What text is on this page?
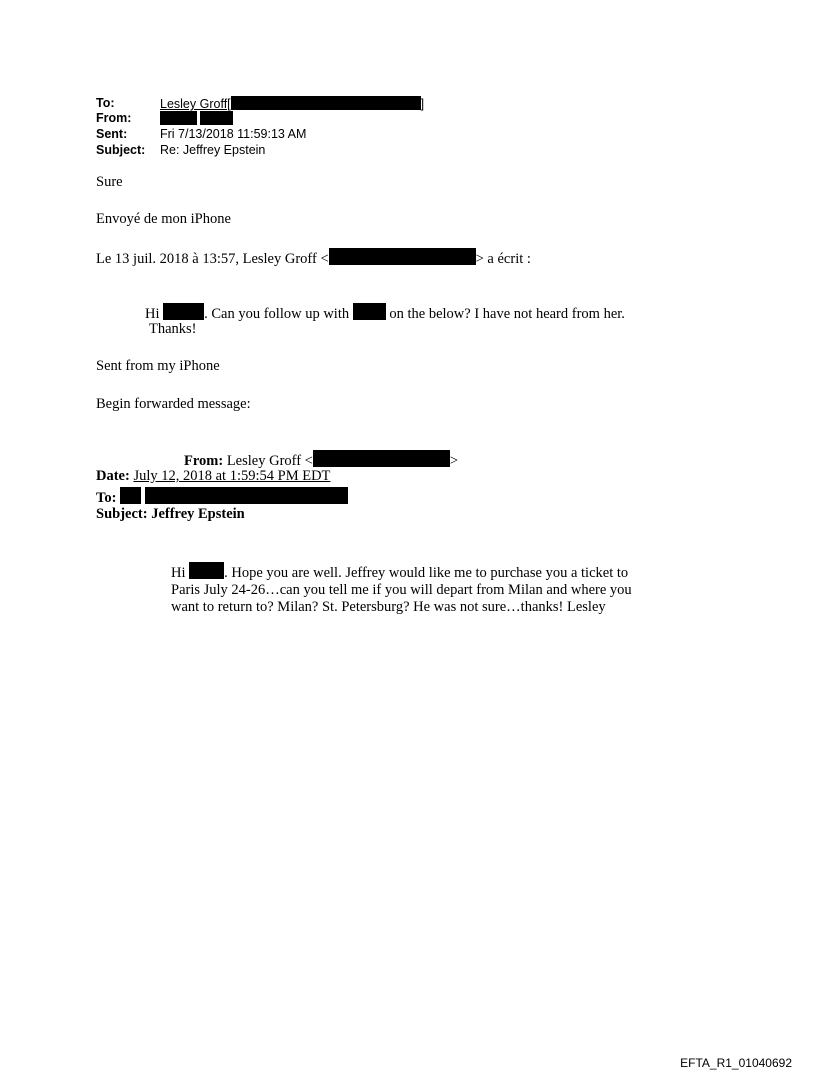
To:	Lesley Groff[	]
From:

Sent:	Fri 7/13/2018 11:59:13 AM
Subject: Re: Jeffrey Epstein
Sure
Envoyé de mon iPhone
Le 13 juil. 2018 à 13:57, Lesley Groff <	> a écrit :
Hi	. Can you follow up with	on the below? I have not heard from her.
Thanks!
Sent from my iPhone
Begin forwarded message:
From: Lesley Groff <	>
Date: July 12, 2018 at 1:59:54 PM EDT
To:
Subject: Jeffrey Epstein
Hi	. Hope you are well. Jeffrey would like me to purchase you a ticket to Paris July 24-26…can you tell me if you will depart from Milan and where you want to return to? Milan? St. Petersburg? He was not sure…thanks! Lesley
EFTA_R1_01040692
